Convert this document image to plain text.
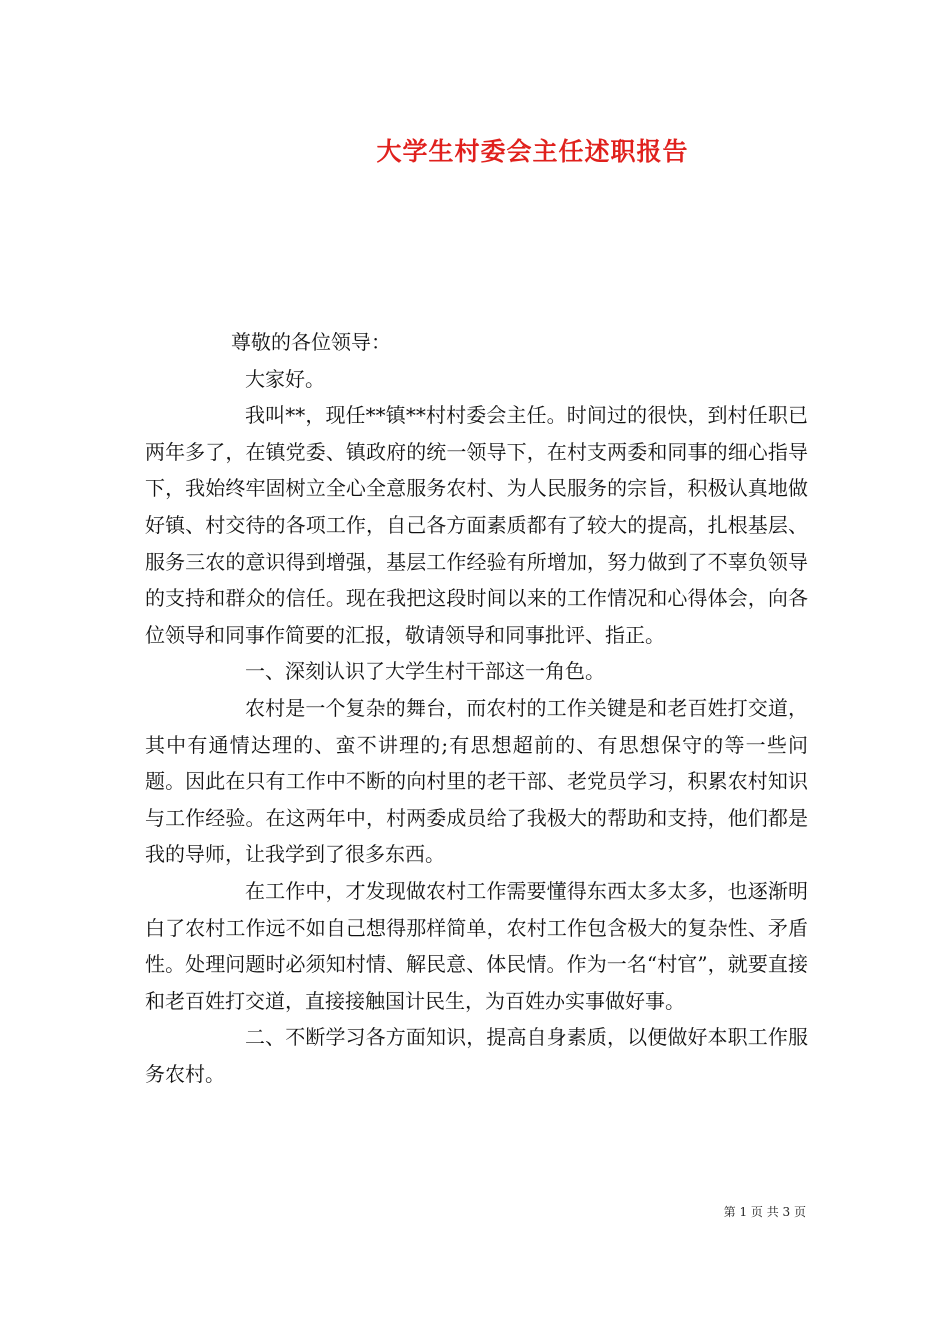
大学生村委会主任述职报告

尊敬的各位领导：

大家好。

我叫**，现任**镇**村村委会主任。时间过的很快，到村任职已两年多了，在镇党委、镇政府的统一领导下，在村支两委和同事的细心指导下，我始终牢固树立全心全意服务农村、为人民服务的宗旨，积极认真地做好镇、村交待的各项工作，自己各方面素质都有了较大的提高，扎根基层、服务三农的意识得到增强，基层工作经验有所增加，努力做到了不辜负领导的支持和群众的信任。现在我把这段时间以来的工作情况和心得体会，向各位领导和同事作简要的汇报，敬请领导和同事批评、指正。

一、深刻认识了大学生村干部这一角色。

农村是一个复杂的舞台，而农村的工作关键是和老百姓打交道，其中有通情达理的、蛮不讲理的;有思想超前的、有思想保守的等一些问题。因此在只有工作中不断的向村里的老干部、老党员学习，积累农村知识与工作经验。在这两年中，村两委成员给了我极大的帮助和支持，他们都是我的导师，让我学到了很多东西。

在工作中，才发现做农村工作需要懂得东西太多太多，也逐渐明白了农村工作远不如自己想得那样简单，农村工作包含极大的复杂性、矛盾性。处理问题时必须知村情、解民意、体民情。作为一名“村官”，就要直接和老百姓打交道，直接接触国计民生，为百姓办实事做好事。

二、不断学习各方面知识，提高自身素质，以便做好本职工作服务农村。

第 1 页 共 3 页
